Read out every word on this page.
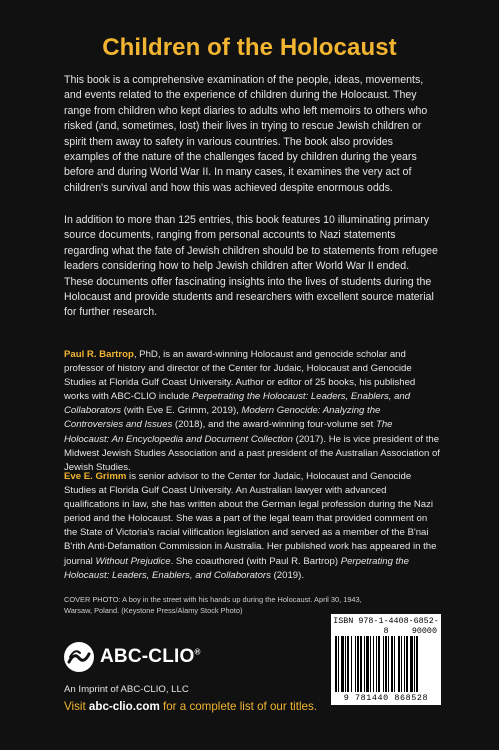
Children of the Holocaust

This book is a comprehensive examination of the people, ideas, movements, and events related to the experience of children during the Holocaust. They range from children who kept diaries to adults who left memoirs to others who risked (and, sometimes, lost) their lives in trying to rescue Jewish children or spirit them away to safety in various countries. The book also provides examples of the nature of the challenges faced by children during the years before and during World War II. In many cases, it examines the very act of children's survival and how this was achieved despite enormous odds.

In addition to more than 125 entries, this book features 10 illuminating primary source documents, ranging from personal accounts to Nazi statements regarding what the fate of Jewish children should be to statements from refugee leaders considering how to help Jewish children after World War II ended. These documents offer fascinating insights into the lives of students during the Holocaust and provide students and researchers with excellent source material for further research.

Paul R. Bartrop, PhD, is an award-winning Holocaust and genocide scholar and professor of history and director of the Center for Judaic, Holocaust and Genocide Studies at Florida Gulf Coast University. Author or editor of 25 books, his published works with ABC-CLIO include Perpetrating the Holocaust: Leaders, Enablers, and Collaborators (with Eve E. Grimm, 2019), Modern Genocide: Analyzing the Controversies and Issues (2018), and the award-winning four-volume set The Holocaust: An Encyclopedia and Document Collection (2017). He is vice president of the Midwest Jewish Studies Association and a past president of the Australian Association of Jewish Studies.

Eve E. Grimm is senior advisor to the Center for Judaic, Holocaust and Genocide Studies at Florida Gulf Coast University. An Australian lawyer with advanced qualifications in law, she has written about the German legal profession during the Nazi period and the Holocaust. She was a part of the legal team that provided comment on the State of Victoria's racial vilification legislation and served as a member of the B'nai B'rith Anti-Defamation Commission in Australia. Her published work has appeared in the journal Without Prejudice. She coauthored (with Paul R. Bartrop) Perpetrating the Holocaust: Leaders, Enablers, and Collaborators (2019).

COVER PHOTO: A boy in the street with his hands up during the Holocaust. April 30, 1943, Warsaw, Poland. (Keystone Press/Alamy Stock Photo)

ABC-CLIO®
An Imprint of ABC-CLIO, LLC
Visit abc-clio.com for a complete list of our titles.
ISBN 978-1-4408-6852-8	90000
9 781440 868528
